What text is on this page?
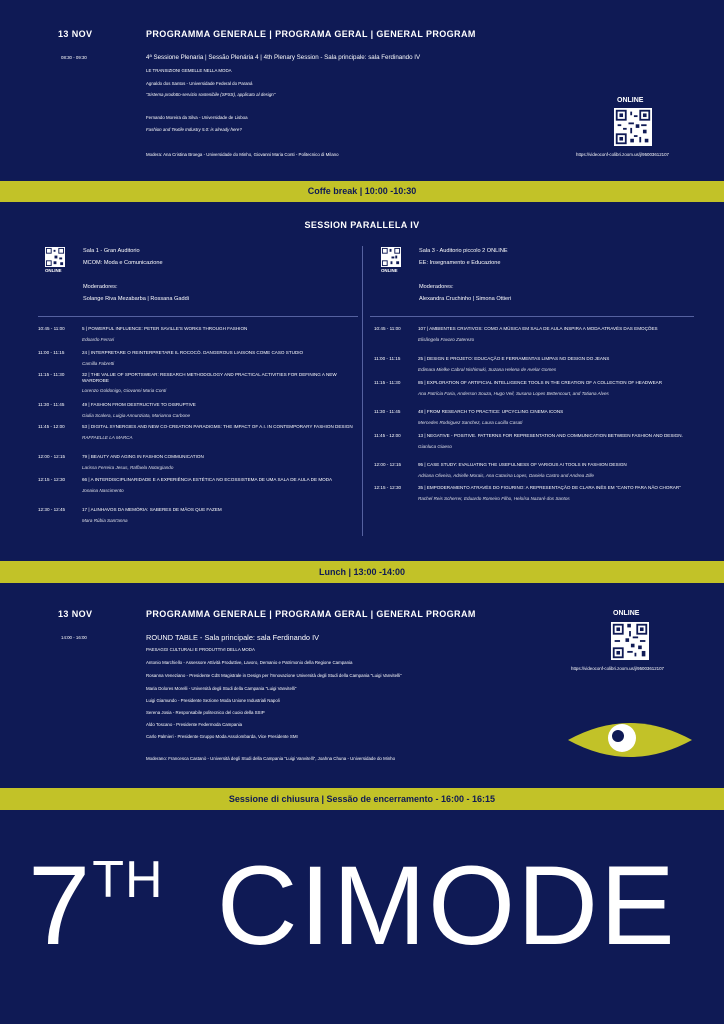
13 NOV	PROGRAMMA GENERALE | PROGRAMA GERAL | GENERAL PROGRAM
08:30 - 09:30	4ª Sessione Plenaria | Sessão Plenária 4 | 4th Plenary Session - Sala principale: sala Ferdinando IV
LE TRANSIZIONI GEMELLE NELLA MODA
Agnaldo dos Santos - Universidade Federal do Paraná
"Sistema prodotto-servizio sostenibile (SPSS), applicato al design"
Fernando Moreira da Silva - Universidade de Lisboa
Fashion and Textile Industry 5.0: is already here?
Modera: Ana Cristina Broega - Universidade do Minho, Giovanni Maria Conti - Politecnico di Milano
ONLINE
https://videoconf-colibri.zoom.us/j/95003612107
Coffe break | 10:00 -10:30
SESSION PARALLELA IV
ONLINE
Sala 1 - Gran Auditorio
MCOM: Moda e Comunicazione
Moderadores:
Solange Riva Mezabarba | Rossana Gaddi
ONLINE
Sala 3 - Auditorio piccolo 2 ONLINE
EE: Insegnamento e Educazione
Moderadores:
Alexandra Cruchinho | Simona Ottieri
10:45 - 11:00	5 | POWERFUL INFLUENCE: PETER SAVILLE'S WORKS THROUGH FASHION
Edoardo Ferrari
11:00 - 11:15	24 | INTERPRETARE O REINTERPRETARE IL ROCOCÒ. DANGEROUS LIAISONS COME CASO STUDIO
Camilla Fabretti
11:15 - 11:30	32 | THE VALUE OF SPORTSWEAR: RESEARCH METHODOLOGY AND PRACTICAL ACTIVITIES FOR DEFINING A NEW WARDROBE
Lorenzo Goldonigo, Giovanni Maria Conti
11:30 - 11:45	49 | FASHION FROM DESTRUCTIVE TO DISRUPTIVE
Giulia Scalera, Luigia Annunziata, Marianna Carbone
11:45 - 12:00	53 | DIGITAL SYNERGIES AND NEW CO-CREATION PARADIGMS: THE IMPACT OF A.I. IN CONTEMPORARY FASHION DESIGN
RAFFAELLE LA MARCA
12:00 - 12:15	79 | BEAUTY AND AGING IN FASHION COMMUNICATION
Larissa Ferreira Jesus, Raffaela Notargiando
12:15 - 12:30	66 | A INTERDISCIPLINARIDADE E A EXPERIÊNCIA ESTÉTICA NO ECOSSISTEMA DE UMA SALA DE AULA DE MODA
Jonaina Nascimento
12:30 - 12:45	17 | ALINHAVOS DA MEMÓRIA: SABERES DE MÃOS QUE FAZEM
Mara Rúbia Sant'anna
10:45 - 11:00	107 | AMBIENTES CRIATIVOS: COMO A MÚSICA EM SALA DE AULA INSPIRA A MODA ATRAVÉS DAS EMOÇÕES
Elisângela Favaro Zaterezo
11:00 - 11:15	25 | DESIGN E PROJETO: EDUCAÇÃO E FERRAMENTAS LIMPAS NO DESIGN DO JEANS
Edimara Mielke Cabral Nishimuki, Suzana Helena de Avelar Gomes
11:15 - 11:30	85 | EXPLORATION OF ARTIFICIAL INTELLIGENCE TOOLS IN THE CREATION OF A COLLECTION OF HEADWEAR
Ana Patrícia Faria, Anderson Souza, Hugo Veil, Susana Lopes Bettencourt, and Tatiana Alves
11:30 - 11:45	48 | FROM RESEARCH TO PRACTICE: UPCYCLING CINEMA ICONS
Mercedes Rodriguez Sanchez, Laura Lucilla Casati
11:45 - 12:00	13 | NEGATIVE - POSITIVE. PATTERNS FOR REPRESENTATION AND COMMUNICATION BETWEEN FASHION AND DESIGN.
Gianluca Giaeso
12:00 - 12:15	95 | CASE STUDY: EVALUATING THE USEFULNESS OF VARIOUS AI TOOLS IN FASHION DESIGN
Adriana Oliveira, Adrielle Morais, Ana Catarina Lopes, Daniela Castro and Andrea Zille
12:15 - 12:30	35 | EMPODERAMENTO ATRAVÉS DO FIGURINO: A REPRESENTAÇÃO DE CLARA INÊS EM "CANTO PARA NÃO CHORAR"
Rachel Reis Scherrer, Eduardo Romeiro Filho, Heloísa Nazaré dos Santos
Lunch | 13:00 -14:00
13 NOV	PROGRAMMA GENERALE | PROGRAMA GERAL | GENERAL PROGRAM
14:00 - 16:00	ROUND TABLE - Sala principale: sala Ferdinando IV
PAESAGGI CULTURALI E PRODUTTIVI DELLA MODA
Antonio Marchiello - Assessore Attività Produttive, Lavoro, Demanio e Patrimonio della Regione Campania
Rosanna Veneziano - Presidente CdS Magistrale in Design per l'Innovazione Università degli Studi della Campania "Luigi Vanvitelli"
Maria Dolores Morelli - Università degli Studi della Campania "Luigi Vanvitelli"
Luigi Giamundo - Presidente Sezione Moda Unione Industriali Napoli
Serena Josia - Responsabile politecnico del cuoio della SSIP
Aldo Toscano - Presidente Federmoda Campania
Carlo Palmieri - Presidente Gruppo Moda Assolombarda, Vice Presidente SMI
Moderano: Francesca Castanò - Università degli Studi della Campania "Luigi Vanvitelli", Joahna Chuna - Universidade do Minho
ONLINE
https://videoconf-colibri.zoom.us/j/95003612107
Sessione di chiusura | Sessão de encerramento - 16:00 - 16:15
7TH CIMODE
